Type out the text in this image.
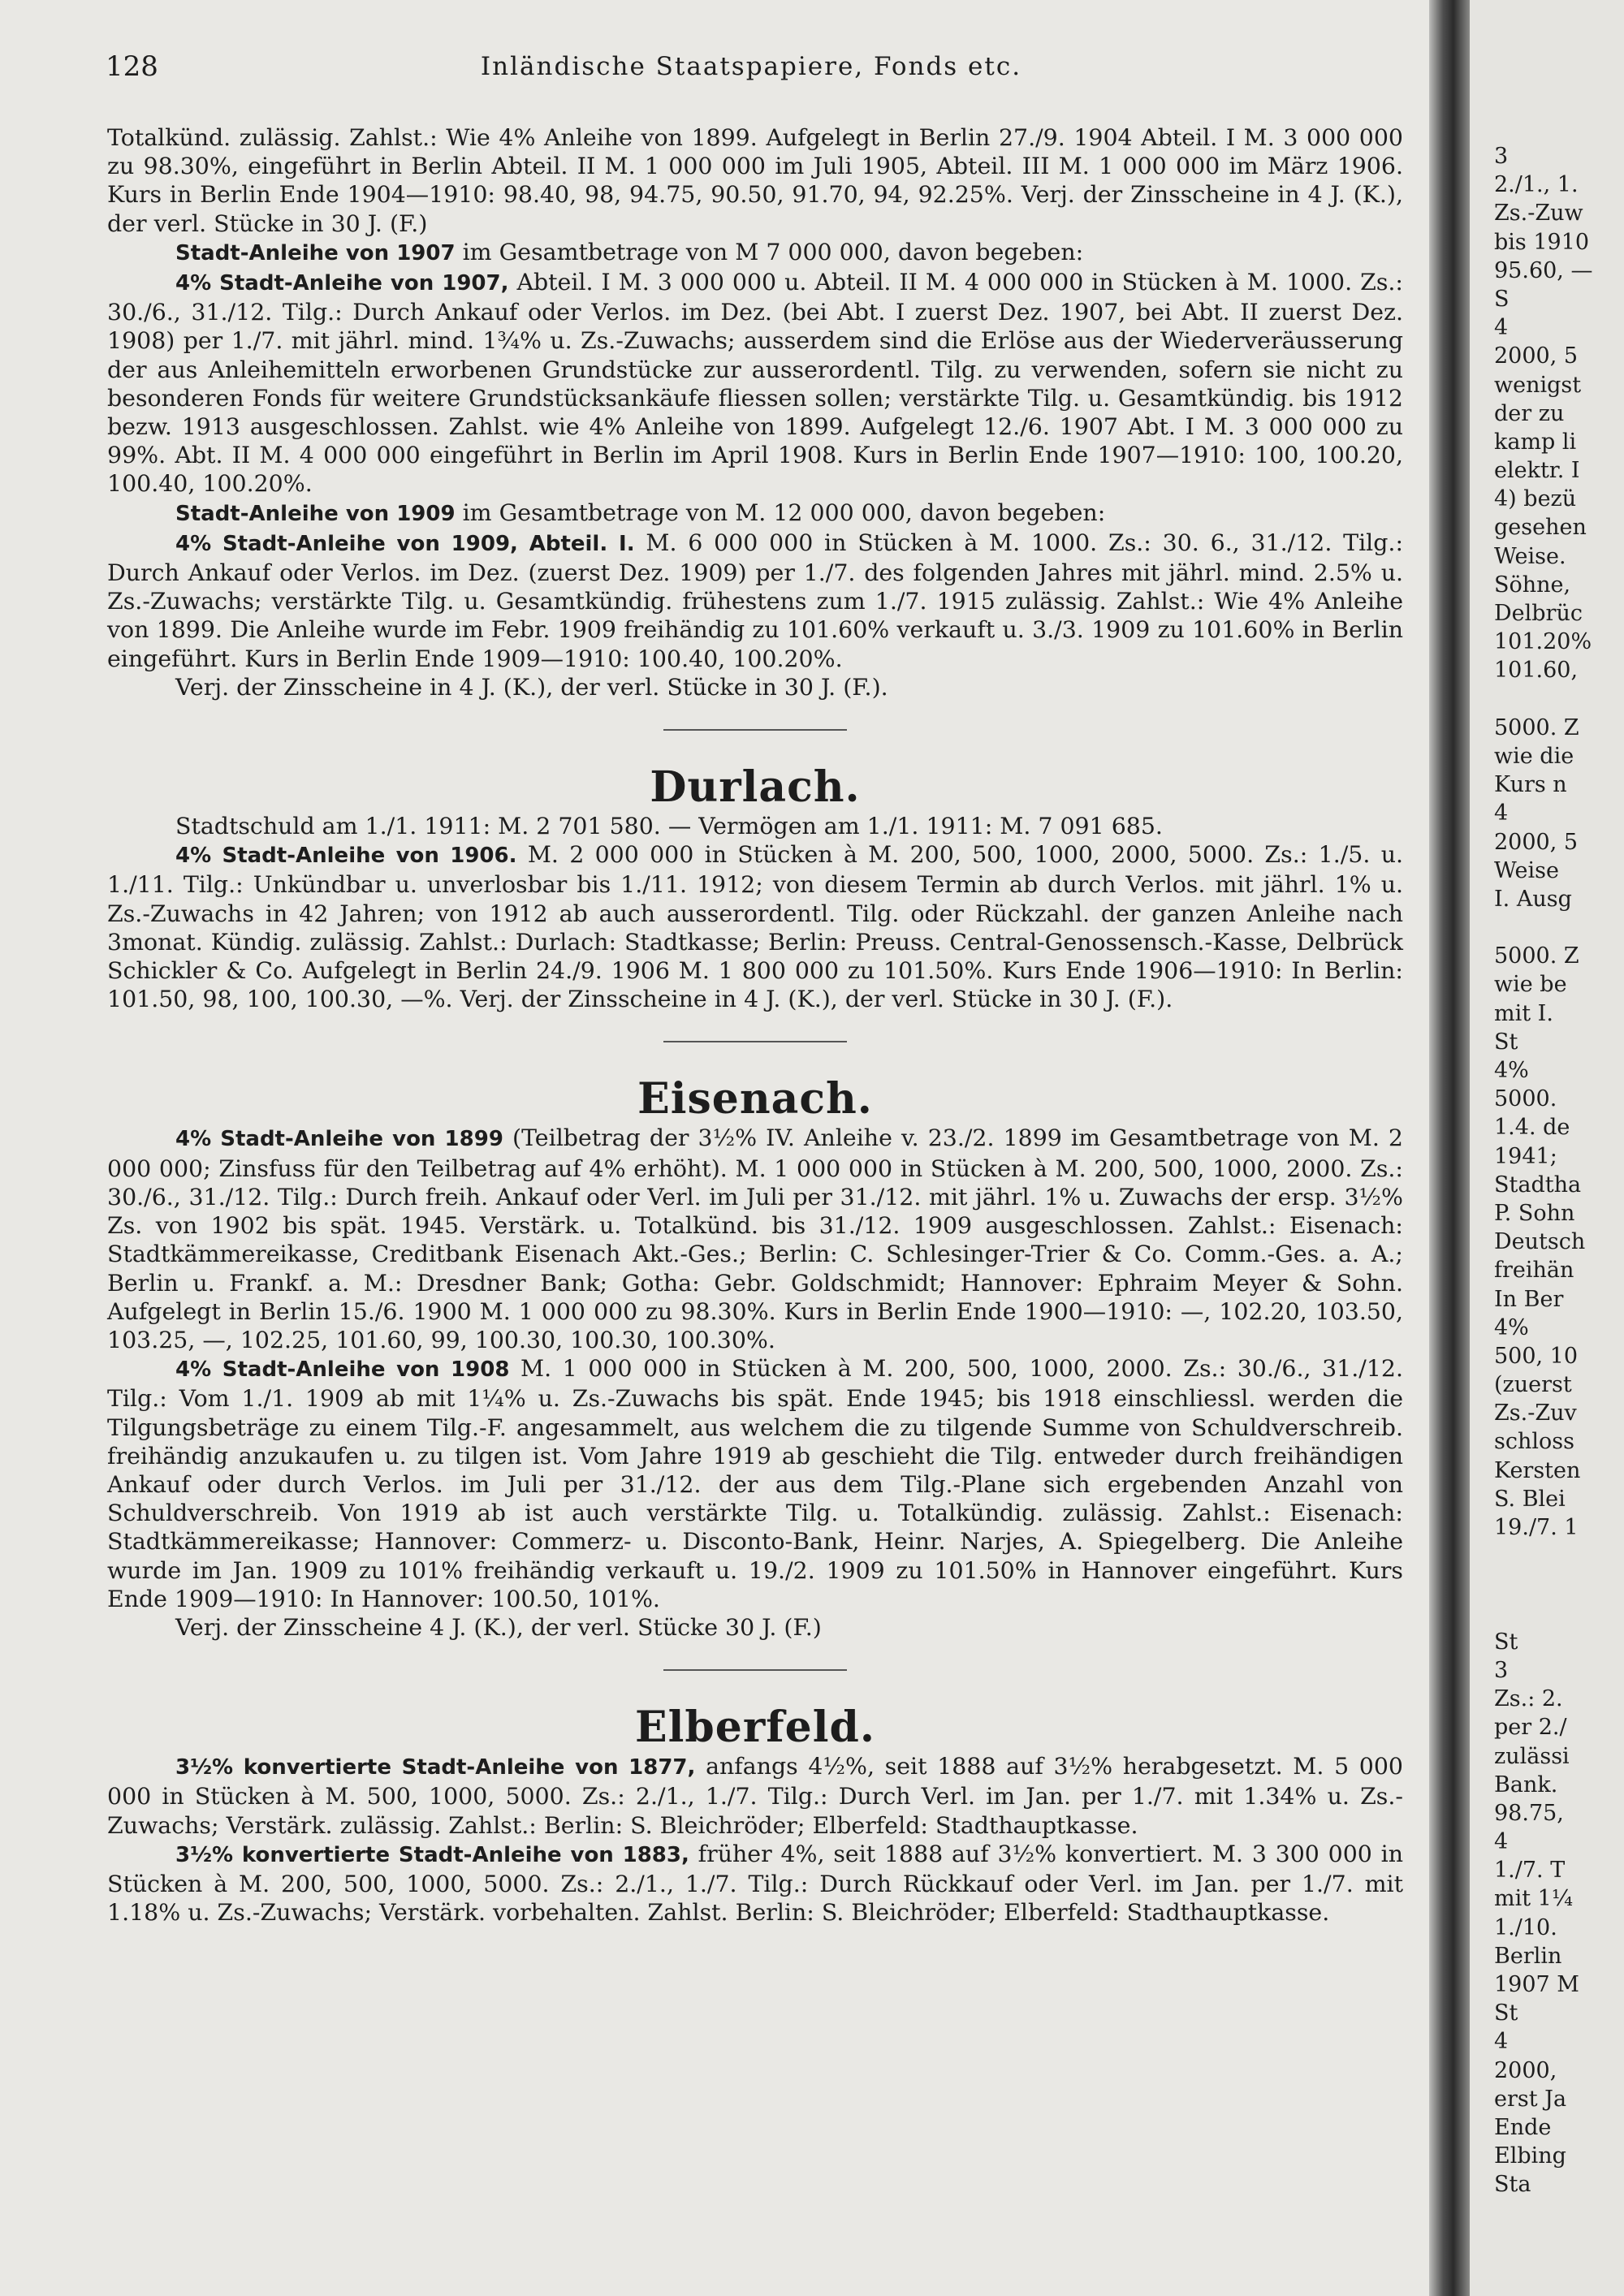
128	Inländische Staatspapiere, Fonds etc.

Totalkünd. zulässig. Zahlst.: Wie 4% Anleihe von 1899. Aufgelegt in Berlin 27./9. 1904 Abteil. I M. 3 000 000 zu 98.30%, eingeführt in Berlin Abteil. II M. 1 000 000 im Juli 1905, Abteil. III M. 1 000 000 im März 1906. Kurs in Berlin Ende 1904—1910: 98.40, 98, 94.75, 90.50, 91.70, 94, 92.25%. Verj. der Zinsscheine in 4 J. (K.), der verl. Stücke in 30 J. (F.)

Stadt-Anleihe von 1907 im Gesamtbetrage von M 7 000 000, davon begeben:

4% Stadt-Anleihe von 1907, Abteil. I M. 3 000 000 u. Abteil. II M. 4 000 000 in Stücken à M. 1000. Zs.: 30./6., 31./12. Tilg.: Durch Ankauf oder Verlos. im Dez. (bei Abt. I zuerst Dez. 1907, bei Abt. II zuerst Dez. 1908) per 1./7. mit jährl. mind. 1¾% u. Zs.-Zuwachs; ausserdem sind die Erlöse aus der Wiederveräusserung der aus Anleihemitteln erworbenen Grundstücke zur ausserordentl. Tilg. zu verwenden, sofern sie nicht zu besonderen Fonds für weitere Grundstücksankäufe fliessen sollen; verstärkte Tilg. u. Gesamtkündig. bis 1912 bezw. 1913 ausgeschlossen. Zahlst. wie 4% Anleihe von 1899. Aufgelegt 12./6. 1907 Abt. I M. 3 000 000 zu 99%. Abt. II M. 4 000 000 eingeführt in Berlin im April 1908. Kurs in Berlin Ende 1907—1910: 100, 100.20, 100.40, 100.20%.

Stadt-Anleihe von 1909 im Gesamtbetrage von M. 12 000 000, davon begeben:

4% Stadt-Anleihe von 1909, Abteil. I. M. 6 000 000 in Stücken à M. 1000. Zs.: 30. 6., 31./12. Tilg.: Durch Ankauf oder Verlos. im Dez. (zuerst Dez. 1909) per 1./7. des folgenden Jahres mit jährl. mind. 2.5% u. Zs.-Zuwachs; verstärkte Tilg. u. Gesamtkündig. frühestens zum 1./7. 1915 zulässig. Zahlst.: Wie 4% Anleihe von 1899. Die Anleihe wurde im Febr. 1909 freihändig zu 101.60% verkauft u. 3./3. 1909 zu 101.60% in Berlin eingeführt. Kurs in Berlin Ende 1909—1910: 100.40, 100.20%.

Verj. der Zinsscheine in 4 J. (K.), der verl. Stücke in 30 J. (F.).

Durlach.

Stadtschuld am 1./1. 1911: M. 2 701 580. — Vermögen am 1./1. 1911: M. 7 091 685.

4% Stadt-Anleihe von 1906. M. 2 000 000 in Stücken à M. 200, 500, 1000, 2000, 5000. Zs.: 1./5. u. 1./11. Tilg.: Unkündbar u. unverlosbar bis 1./11. 1912; von diesem Termin ab durch Verlos. mit jährl. 1% u. Zs.-Zuwachs in 42 Jahren; von 1912 ab auch ausserordentl. Tilg. oder Rückzahl. der ganzen Anleihe nach 3monat. Kündig. zulässig. Zahlst.: Durlach: Stadtkasse; Berlin: Preuss. Central-Genossensch.-Kasse, Delbrück Schickler & Co. Aufgelegt in Berlin 24./9. 1906 M. 1 800 000 zu 101.50%. Kurs Ende 1906—1910: In Berlin: 101.50, 98, 100, 100.30, —%. Verj. der Zinsscheine in 4 J. (K.), der verl. Stücke in 30 J. (F.).

Eisenach.

4% Stadt-Anleihe von 1899 (Teilbetrag der 3½% IV. Anleihe v. 23./2. 1899 im Gesamtbetrage von M. 2 000 000; Zinsfuss für den Teilbetrag auf 4% erhöht). M. 1 000 000 in Stücken à M. 200, 500, 1000, 2000. Zs.: 30./6., 31./12. Tilg.: Durch freih. Ankauf oder Verl. im Juli per 31./12. mit jährl. 1% u. Zuwachs der ersp. 3½% Zs. von 1902 bis spät. 1945. Verstärk. u. Totalkünd. bis 31./12. 1909 ausgeschlossen. Zahlst.: Eisenach: Stadtkämmereikasse, Creditbank Eisenach Akt.-Ges.; Berlin: C. Schlesinger-Trier & Co. Comm.-Ges. a. A.; Berlin u. Frankf. a. M.: Dresdner Bank; Gotha: Gebr. Goldschmidt; Hannover: Ephraim Meyer & Sohn. Aufgelegt in Berlin 15./6. 1900 M. 1 000 000 zu 98.30%. Kurs in Berlin Ende 1900—1910: —, 102.20, 103.50, 103.25, —, 102.25, 101.60, 99, 100.30, 100.30, 100.30%.

4% Stadt-Anleihe von 1908 M. 1 000 000 in Stücken à M. 200, 500, 1000, 2000. Zs.: 30./6., 31./12. Tilg.: Vom 1./1. 1909 ab mit 1¼% u. Zs.-Zuwachs bis spät. Ende 1945; bis 1918 einschliessl. werden die Tilgungsbeträge zu einem Tilg.-F. angesammelt, aus welchem die zu tilgende Summe von Schuldverschreib. freihändig anzukaufen u. zu tilgen ist. Vom Jahre 1919 ab geschieht die Tilg. entweder durch freihändigen Ankauf oder durch Verlos. im Juli per 31./12. der aus dem Tilg.-Plane sich ergebenden Anzahl von Schuldverschreib. Von 1919 ab ist auch verstärkte Tilg. u. Totalkündig. zulässig. Zahlst.: Eisenach: Stadtkämmereikasse; Hannover: Commerz- u. Disconto-Bank, Heinr. Narjes, A. Spiegelberg. Die Anleihe wurde im Jan. 1909 zu 101% freihändig verkauft u. 19./2. 1909 zu 101.50% in Hannover eingeführt. Kurs Ende 1909—1910: In Hannover: 100.50, 101%.

Verj. der Zinsscheine 4 J. (K.), der verl. Stücke 30 J. (F.)

Elberfeld.

3½% konvertierte Stadt-Anleihe von 1877, anfangs 4½%, seit 1888 auf 3½% herabgesetzt. M. 5 000 000 in Stücken à M. 500, 1000, 5000. Zs.: 2./1., 1./7. Tilg.: Durch Verl. im Jan. per 1./7. mit 1.34% u. Zs.-Zuwachs; Verstärk. zulässig. Zahlst.: Berlin: S. Bleichröder; Elberfeld: Stadthauptkasse.

3½% konvertierte Stadt-Anleihe von 1883, früher 4%, seit 1888 auf 3½% konvertiert. M. 3 300 000 in Stücken à M. 200, 500, 1000, 5000. Zs.: 2./1., 1./7. Tilg.: Durch Rückkauf oder Verl. im Jan. per 1./7. mit 1.18% u. Zs.-Zuwachs; Verstärk. vorbehalten. Zahlst. Berlin: S. Bleichröder; Elberfeld: Stadthauptkasse.

3
2./1., 1.
Zs.-Zuw
bis 1910
95.60, —
S
4
2000, 5
wenigst
der zu
kamp li
elektr. I
4) bezü
gesehen
Weise.
Söhne,
Delbrüc
101.20%
101.60,
5000. Z
wie die
Kurs n
4
2000, 5
Weise
I. Ausg
5000. Z
wie be
mit I.
St
4%
5000.
1.4. de
1941;
Stadtha
P. Sohn
Deutsch
freihän
In Ber
4%
500, 10
(zuerst
Zs.-Zuv
schloss
Kersten
S. Blei
19./7. 1
St
3
Zs.: 2.
per 2./
zulässi
Bank.
98.75,
4
1./7. T
mit 1¼
1./10.
Berlin
1907 M
St
4
2000,
erst Ja
Ende
Elbing
Sta
